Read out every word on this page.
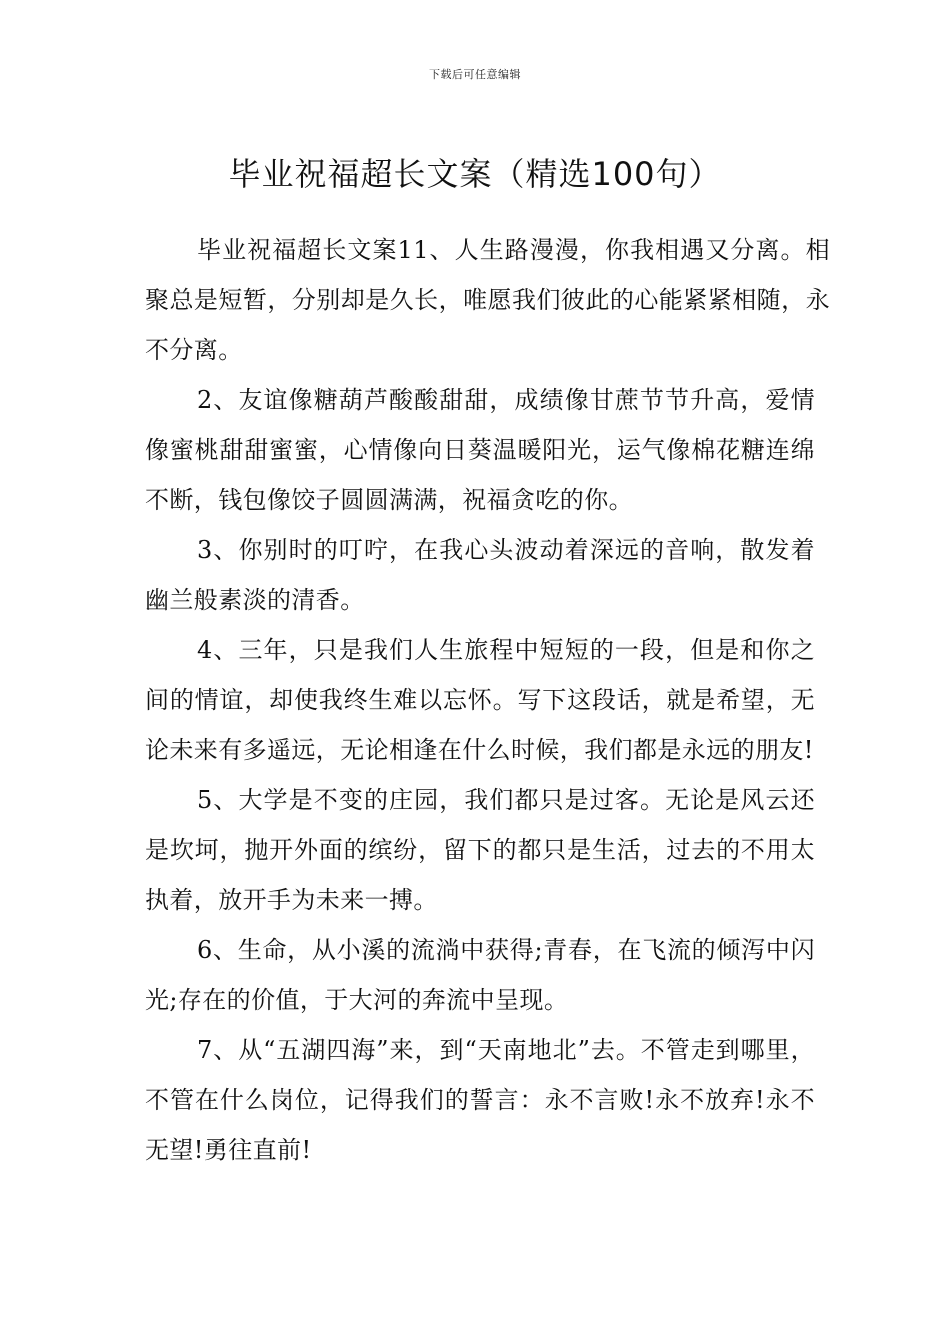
下载后可任意编辑
毕业祝福超长文案（精选100句）

毕业祝福超长文案11、人生路漫漫，你我相遇又分离。相聚总是短暂，分别却是久长，唯愿我们彼此的心能紧紧相随，永不分离。

2、友谊像糖葫芦酸酸甜甜，成绩像甘蔗节节升高，爱情像蜜桃甜甜蜜蜜，心情像向日葵温暖阳光，运气像棉花糖连绵不断，钱包像饺子圆圆满满，祝福贪吃的你。

3、你别时的叮咛，在我心头波动着深远的音响，散发着幽兰般素淡的清香。

4、三年，只是我们人生旅程中短短的一段，但是和你之间的情谊，却使我终生难以忘怀。写下这段话，就是希望，无论未来有多遥远，无论相逢在什么时候，我们都是永远的朋友!

5、大学是不变的庄园，我们都只是过客。无论是风云还是坎坷，抛开外面的缤纷，留下的都只是生活，过去的不用太执着，放开手为未来一搏。

6、生命，从小溪的流淌中获得;青春，在飞流的倾泻中闪光;存在的价值，于大河的奔流中呈现。

7、从“五湖四海”来，到“天南地北”去。不管走到哪里，不管在什么岗位，记得我们的誓言：永不言败!永不放弃!永不无望!勇往直前!
